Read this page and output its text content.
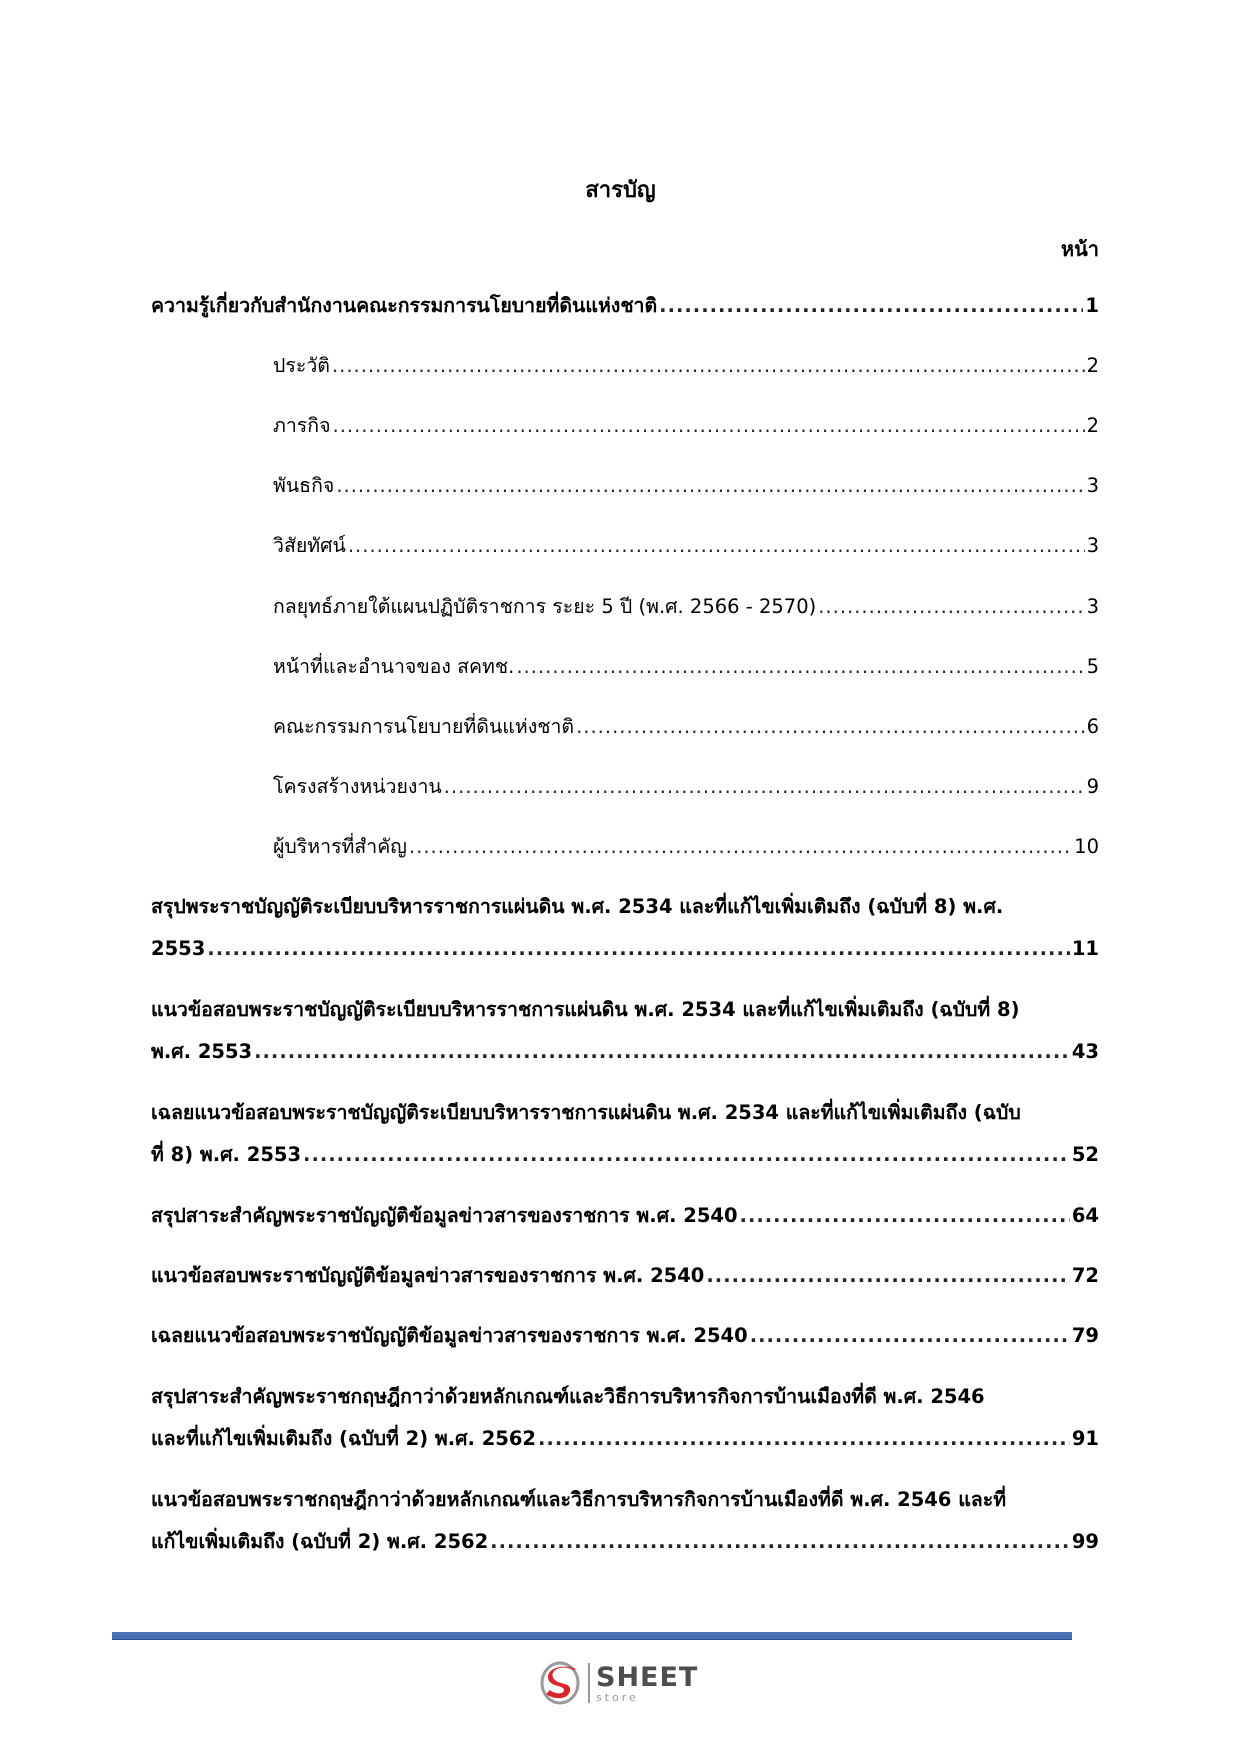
สารบัญ
หน้า
ความรู้เกี่ยวกับสำนักงานคณะกรรมการนโยบายที่ดินแห่งชาติ .....	1
ประวัติ .....	2
ภารกิจ .....	2
พันธกิจ .....	3
วิสัยทัศน์ .....	3
กลยุทธ์ภายใต้แผนปฏิบัติราชการ ระยะ 5 ปี (พ.ศ. 2566 - 2570) .....	3
หน้าที่และอำนาจของ สคทช. .....	5
คณะกรรมการนโยบายที่ดินแห่งชาติ .....	6
โครงสร้างหน่วยงาน .....	9
ผู้บริหารที่สำคัญ .....	10
สรุปพระราชบัญญัติระเบียบบริหารราชการแผ่นดิน พ.ศ. 2534 และที่แก้ไขเพิ่มเติมถึง (ฉบับที่ 8) พ.ศ.
2553 .....	11
แนวข้อสอบพระราชบัญญัติระเบียบบริหารราชการแผ่นดิน พ.ศ. 2534 และที่แก้ไขเพิ่มเติมถึง (ฉบับที่ 8)
พ.ศ. 2553 .....	43
เฉลยแนวข้อสอบพระราชบัญญัติระเบียบบริหารราชการแผ่นดิน พ.ศ. 2534 และที่แก้ไขเพิ่มเติมถึง (ฉบับ
ที่ 8) พ.ศ. 2553 .....	52
สรุปสาระสำคัญพระราชบัญญัติข้อมูลข่าวสารของราชการ พ.ศ. 2540 .....	64
แนวข้อสอบพระราชบัญญัติข้อมูลข่าวสารของราชการ พ.ศ. 2540 .....	72
เฉลยแนวข้อสอบพระราชบัญญัติข้อมูลข่าวสารของราชการ พ.ศ. 2540 .....	79
สรุปสาระสำคัญพระราชกฤษฎีกาว่าด้วยหลักเกณฑ์และวิธีการบริหารกิจการบ้านเมืองที่ดี พ.ศ. 2546
และที่แก้ไขเพิ่มเติมถึง (ฉบับที่ 2) พ.ศ. 2562 .....	91
แนวข้อสอบพระราชกฤษฎีกาว่าด้วยหลักเกณฑ์และวิธีการบริหารกิจการบ้านเมืองที่ดี พ.ศ. 2546 และที่
แก้ไขเพิ่มเติมถึง (ฉบับที่ 2) พ.ศ. 2562 .....	99
SHEET
store
